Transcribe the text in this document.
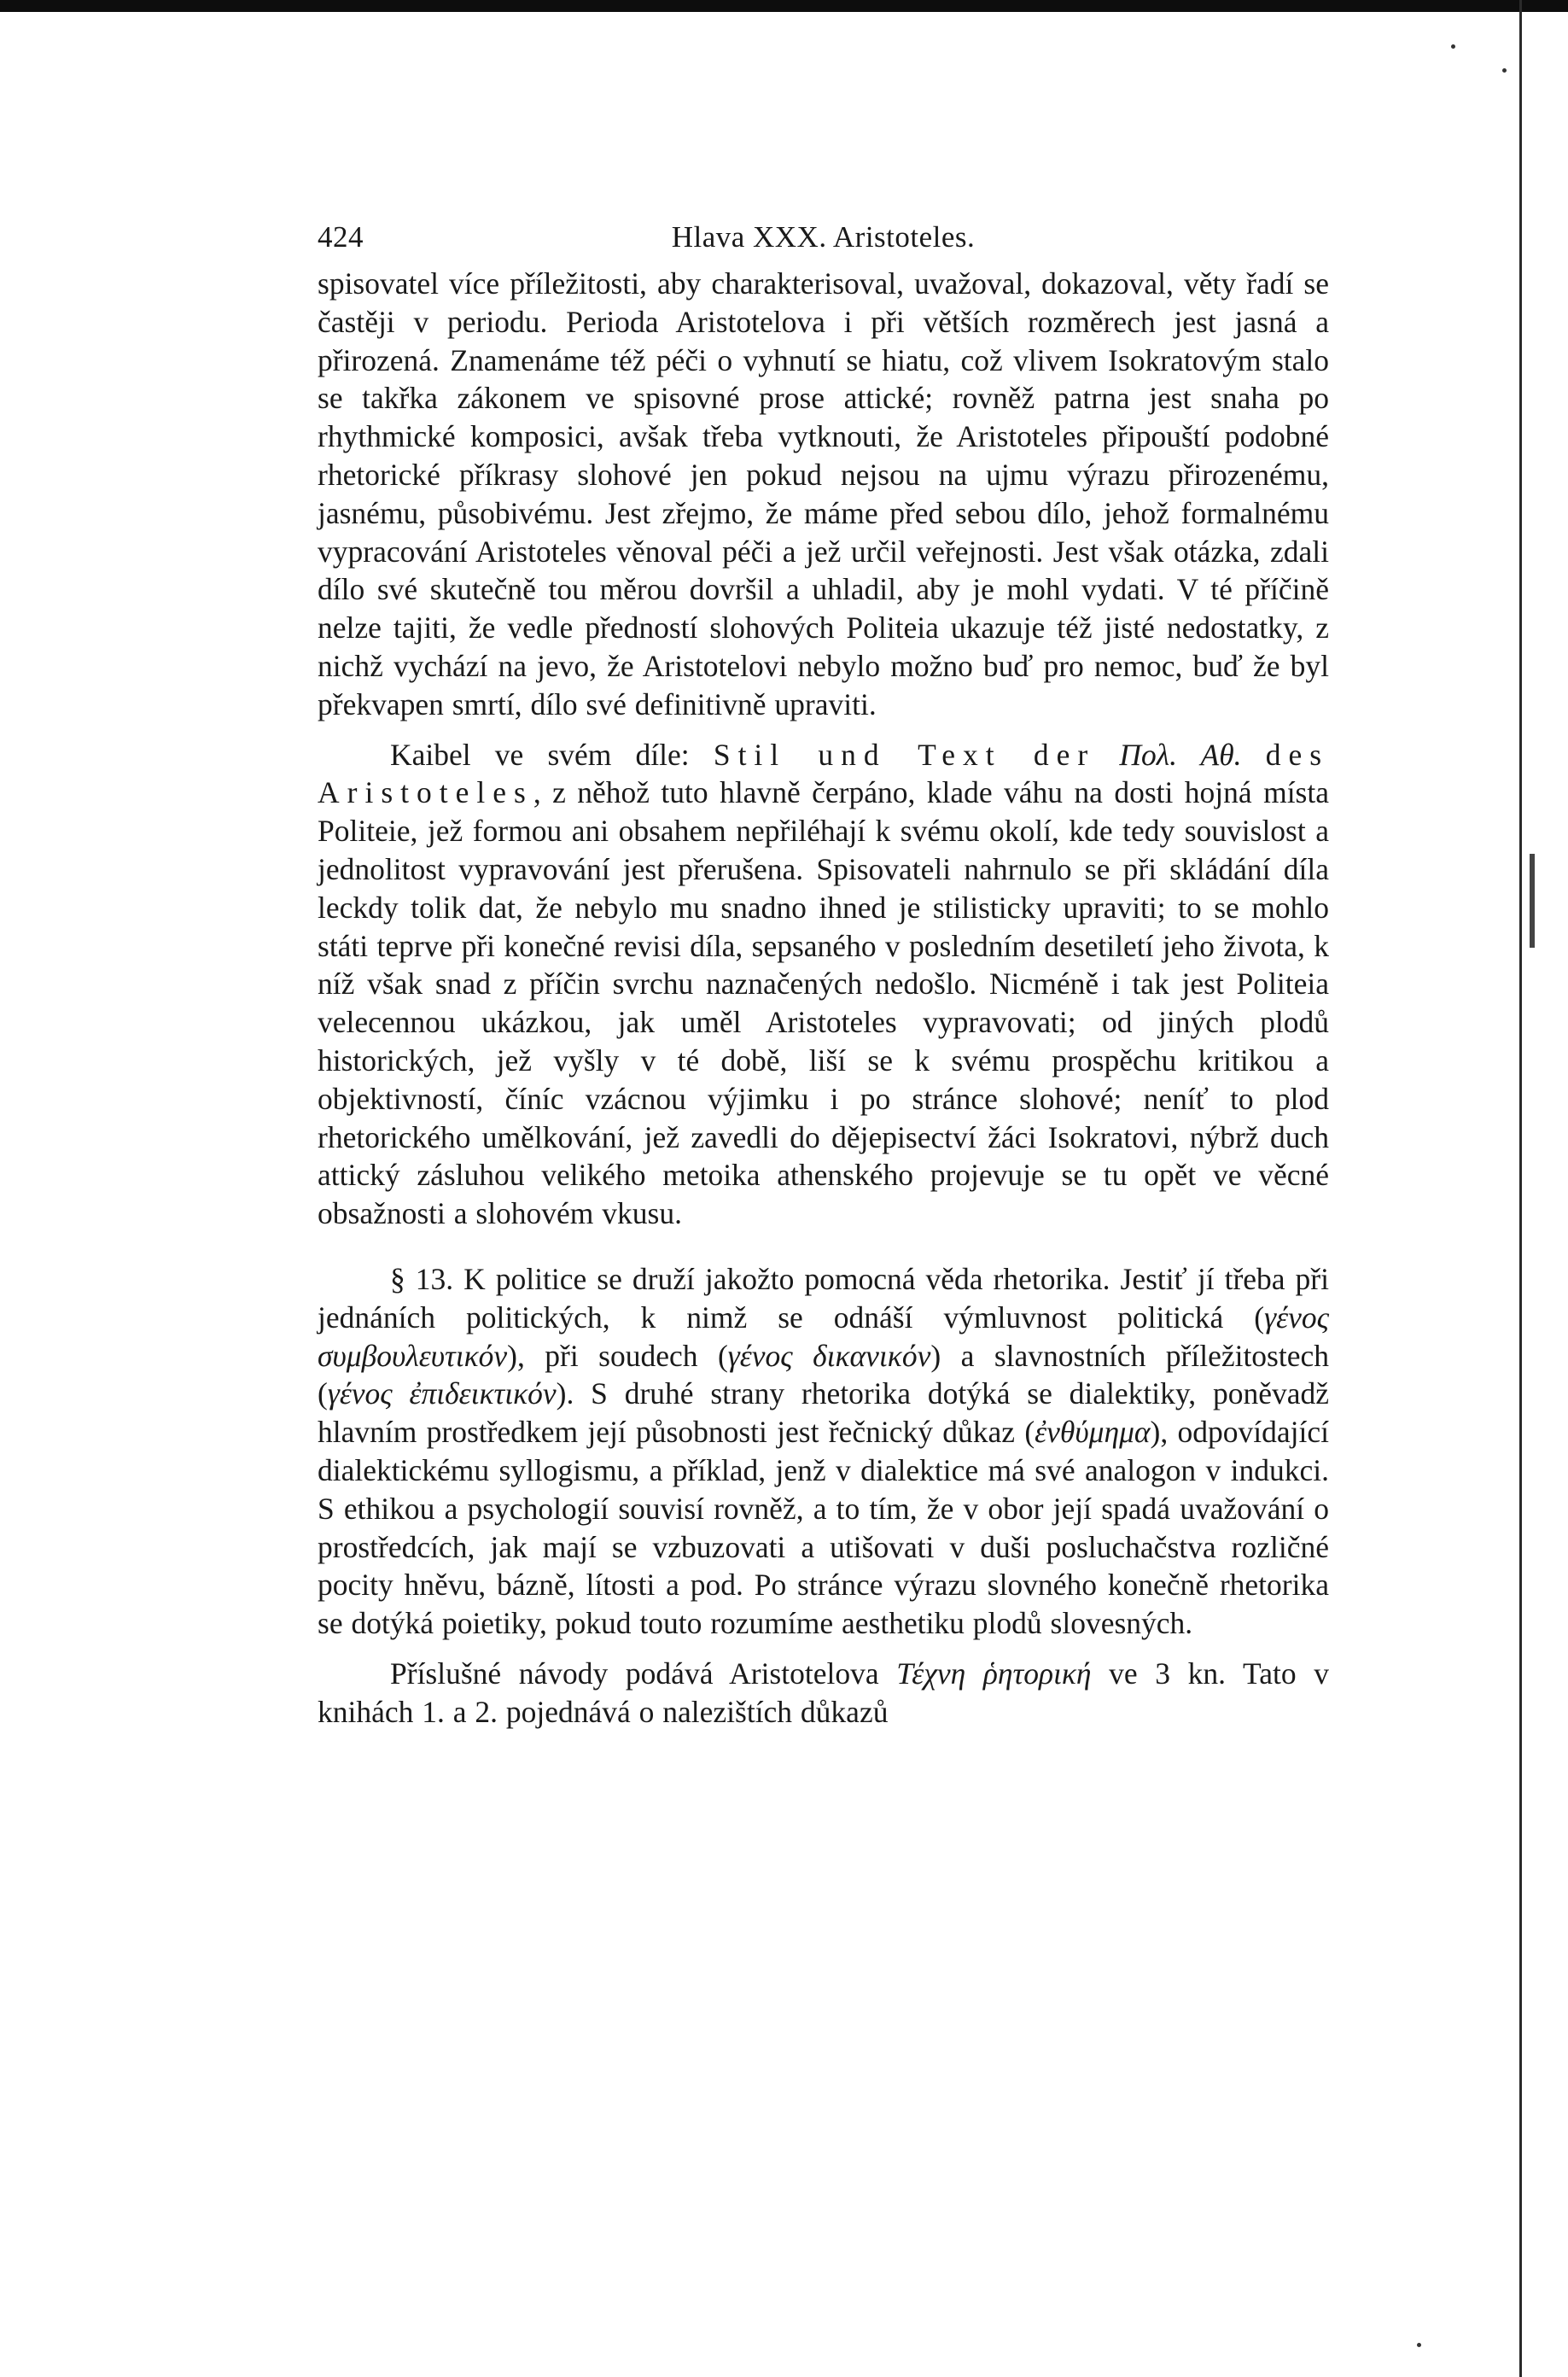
424	Hlava XXX. Aristoteles.

spisovatel více příležitosti, aby charakterisoval, uvažoval, dokazoval, věty řadí se častěji v periodu. Perioda Aristotelova i při větších rozměrech jest jasná a přirozená. Znamenáme též péči o vyhnutí se hiatu, což vlivem Isokratovým stalo se takřka zákonem ve spisovné prose attické; rovněž patrna jest snaha po rhythmické komposici, avšak třeba vytknouti, že Aristoteles připouští podobné rhetorické příkrasy slohové jen pokud nejsou na ujmu výrazu přirozenému, jasnému, působivému. Jest zřejmo, že máme před sebou dílo, jehož formalnému vypracování Aristoteles věnoval péči a jež určil veřejnosti. Jest však otázka, zdali dílo své skutečně tou měrou dovršil a uhladil, aby je mohl vydati. V té příčině nelze tajiti, že vedle předností slohových Politeia ukazuje též jisté nedostatky, z nichž vychází na jevo, že Aristotelovi nebylo možno buď pro nemoc, buď že byl překvapen smrtí, dílo své definitivně upraviti.

Kaibel ve svém díle: Stil und Text der Πολ. Αθ. des Aristoteles, z něhož tuto hlavně čerpáno, klade váhu na dosti hojná místa Politeie, jež formou ani obsahem nepřiléhají k svému okolí, kde tedy souvislost a jednolitost vypravování jest přerušena. Spisovateli nahrnulo se při skládání díla leckdy tolik dat, že nebylo mu snadno ihned je stilisticky upraviti; to se mohlo státi teprve při konečné revisi díla, sepsaného v posledním desetiletí jeho života, k níž však snad z příčin svrchu naznačených nedošlo. Nicméně i tak jest Politeia velecennou ukázkou, jak uměl Aristoteles vypravovati; od jiných plodů historických, jež vyšly v té době, liší se k svému prospěchu kritikou a objektivností, číníc vzácnou výjimku i po stránce slohové; neníť to plod rhetorického umělkování, jež zavedli do dějepisectví žáci Isokratovi, nýbrž duch attický zásluhou velikého metoika athenského projevuje se tu opět ve věcné obsažnosti a slohovém vkusu.

§ 13. K politice se druží jakožto pomocná věda rhetorika. Jestiť jí třeba při jednáních politických, k nimž se odnáší výmluvnost politická (γένος συμβουλευτικόν), při soudech (γένος δικανικόν) a slavnostních příležitostech (γένος ἐπιδεικτικόν). S druhé strany rhetorika dotýká se dialektiky, poněvadž hlavním prostředkem její působnosti jest řečnický důkaz (ἐνθύμημα), odpovídající dialektickému syllogismu, a příklad, jenž v dialektice má své analogon v indukci. S ethikou a psychologií souvisí rovněž, a to tím, že v obor její spadá uvažování o prostředcích, jak mají se vzbuzovati a utišovati v duši posluchačstva rozličné pocity hněvu, bázně, lítosti a pod. Po stránce výrazu slovného konečně rhetorika se dotýká poietiky, pokud touto rozumíme aesthetiku plodů slovesných.

Příslušné návody podává Aristotelova Τέχνη ῥητορική ve 3 kn. Tato v knihách 1. a 2. pojednává o nalezištích důkazů
